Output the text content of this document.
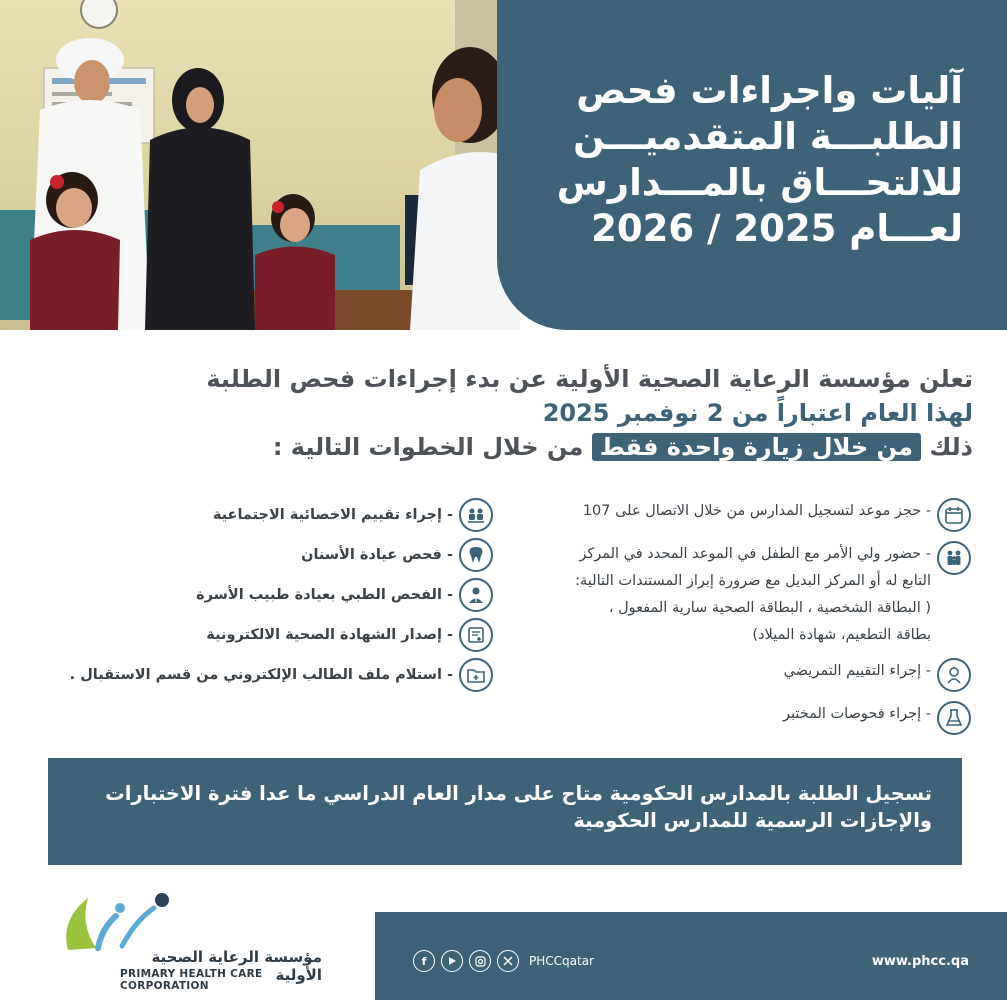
آليات واجراءات فحص
الطلبـــة المتقدميـــن
للالتحـــاق بالمـــدارس
لعـــام 2025 / 2026
تعلن مؤسسة الرعاية الصحية الأولية عن بدء إجراءات فحص الطلبة
لهذا العام اعتباراً من 2 نوفمبر 2025
ذلك من خلال زيارة واحدة فقط من خلال الخطوات التالية :
- حجز موعد لتسجيل المدارس من خلال الاتصال على 107
- حضور ولي الأمر مع الطفل في الموعد المحدد في المركز
التابع له أو المركز البديل مع ضرورة إبراز المستندات التالية:
( البطاقة الشخصية ، البطاقة الصحية سارية المفعول ،
بطاقة التطعيم، شهادة الميلاد)
- إجراء التقييم التمريضي
- إجراء فحوصات المختبر
- إجراء تقييم الاخصائية الاجتماعية
- فحص عيادة الأسنان
- الفحص الطبي بعيادة طبيب الأسرة
- إصدار الشهادة الصحية الالكترونية
- استلام ملف الطالب الإلكتروني من قسم الاستقبال .

تسجيل الطلبة بالمدارس الحكومية متاح على مدار العام الدراسي ما عدا فترة الاختبارات

والإجازات الرسمية للمدارس الحكومية

مؤسسة الرعاية الصحية الأولية
PRIMARY HEALTH CARE CORPORATION
f	PHCCqatar	www.phcc.qa
